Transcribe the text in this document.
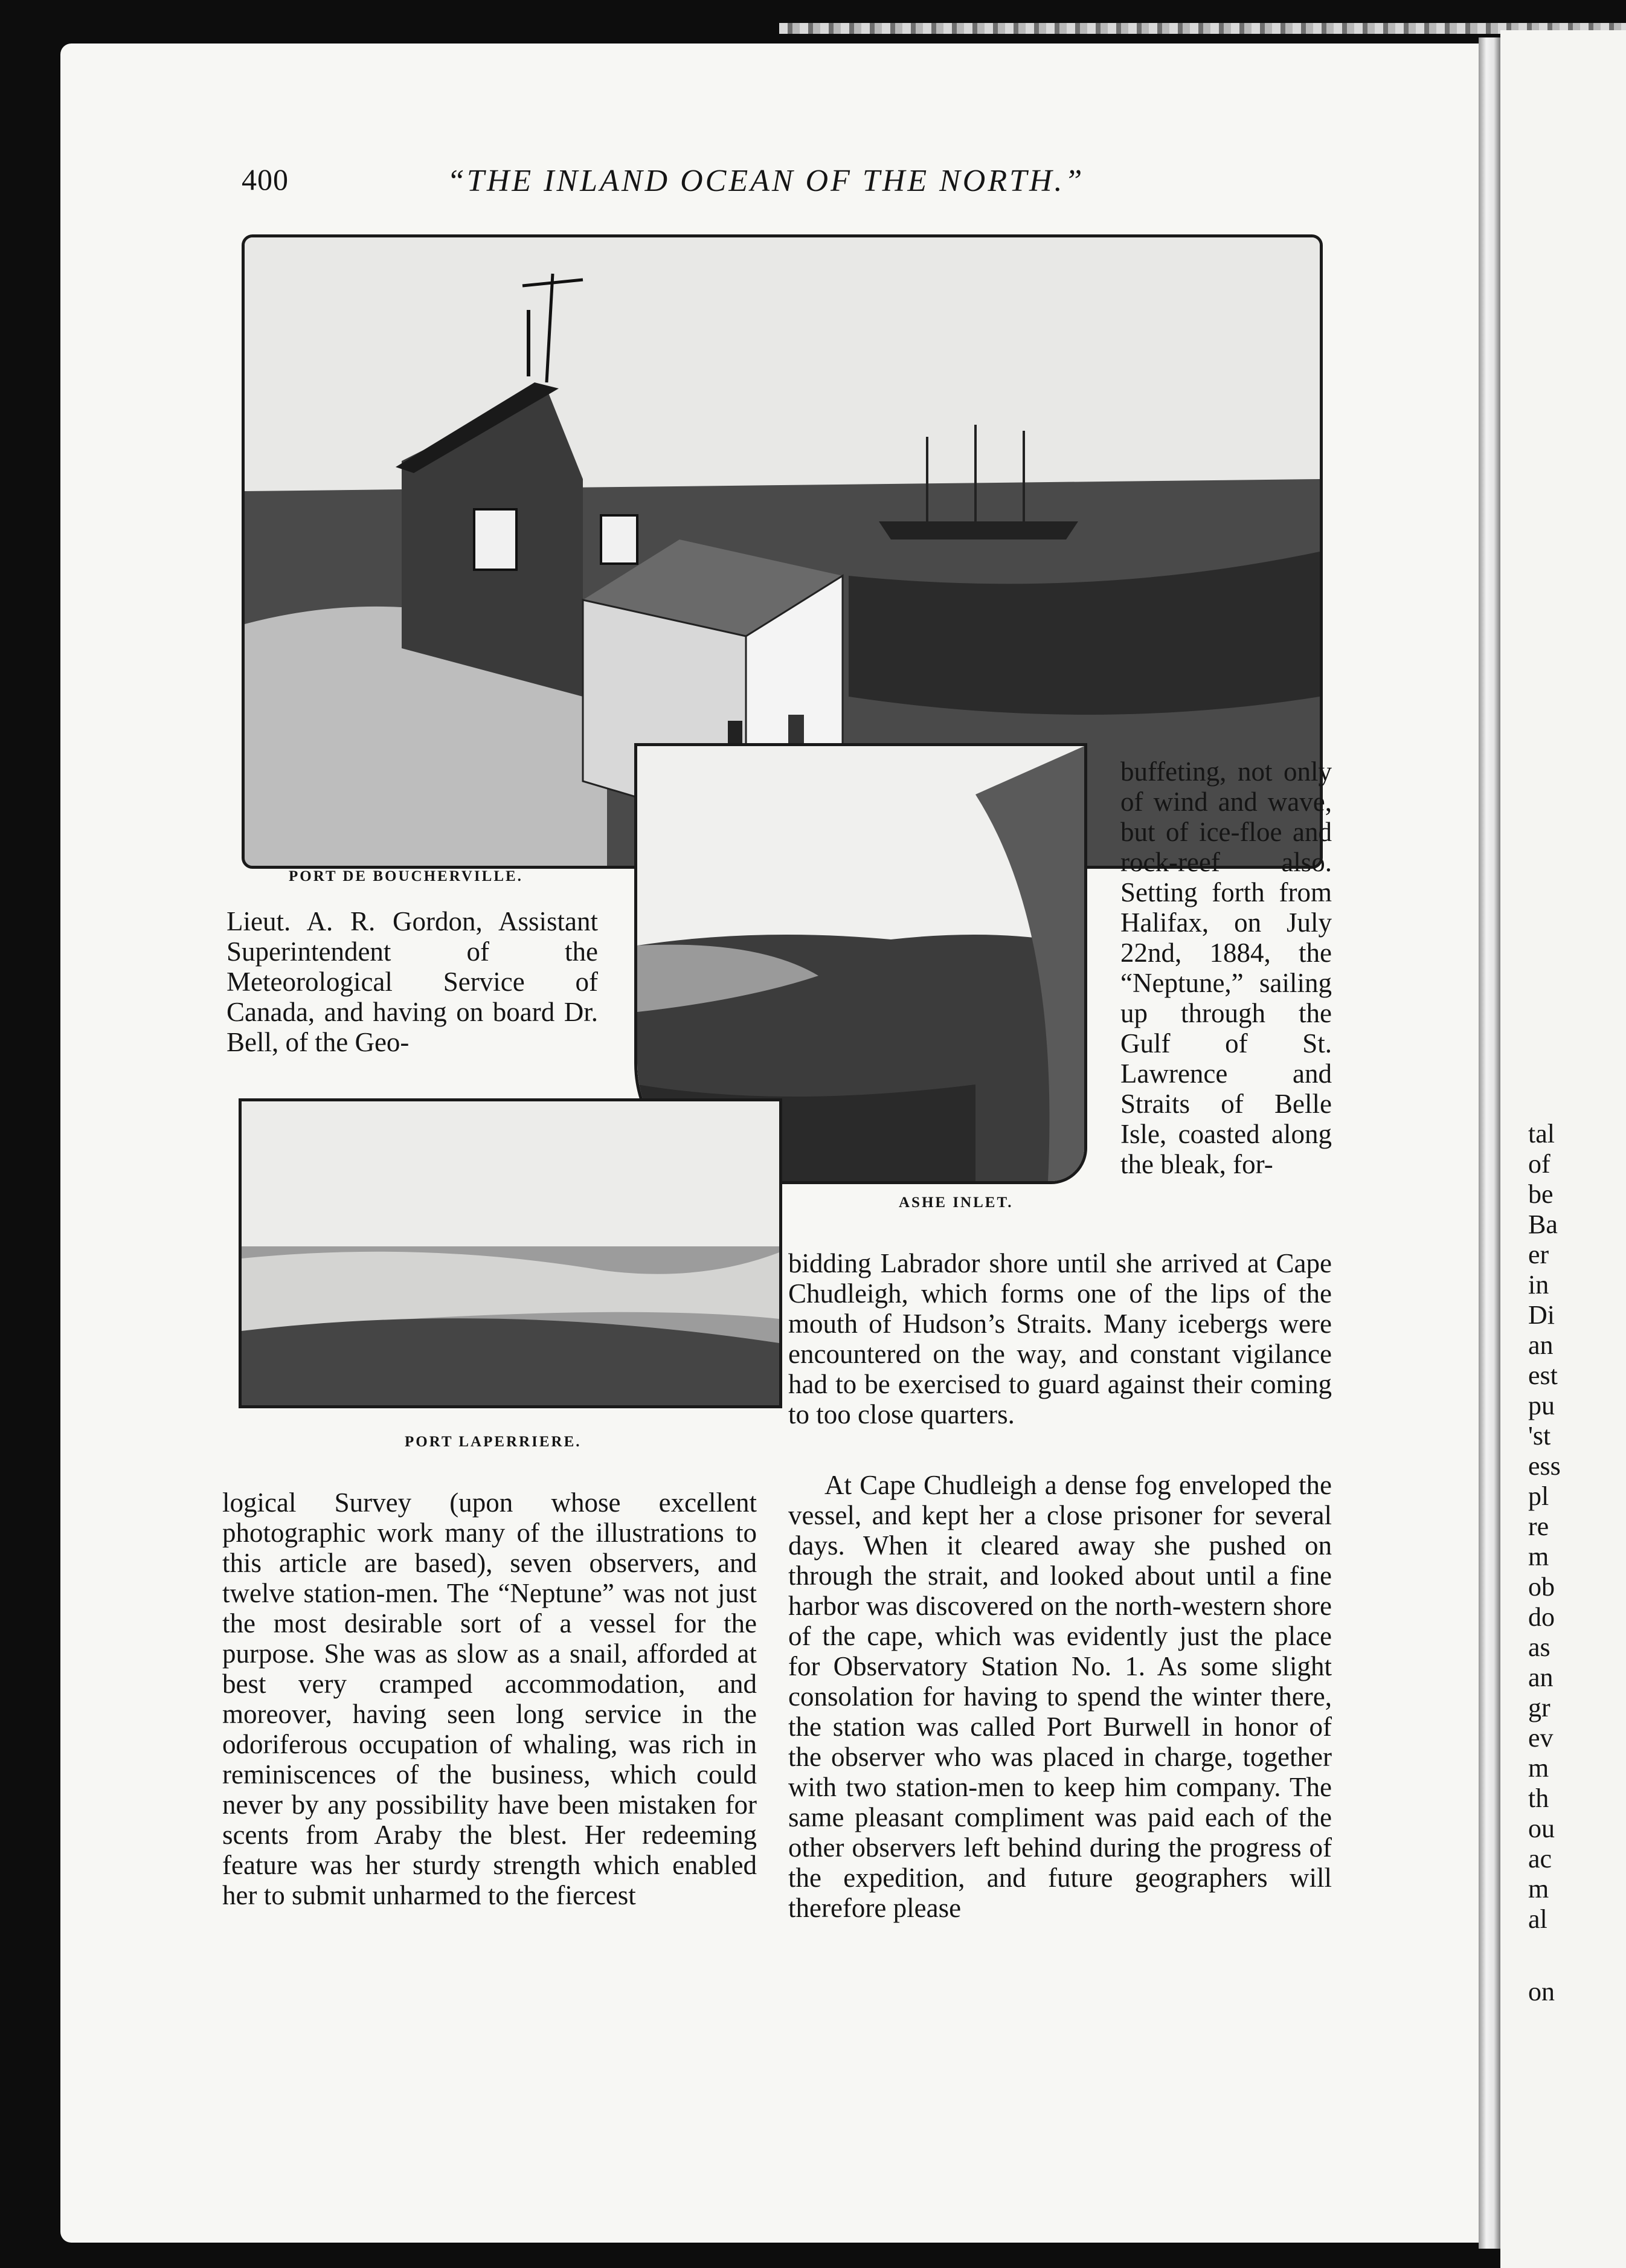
400	“THE INLAND OCEAN OF THE NORTH.”
PORT DE BOUCHERVILLE.
ASHE INLET.
PORT LAPERRIERE.

Lieut. A. R. Gordon, Assistant Superintendent of the Meteorological Service of Canada, and having on board Dr. Bell, of the Geo-

buffeting, not only of wind and wave, but of ice-floe and rock-reef also. Setting forth from Halifax, on July 22nd, 1884, the “Neptune,” sailing up through the Gulf of St. Lawrence and Straits of Belle Isle, coasted along the bleak, for-

bidding Labrador shore until she arrived at Cape Chudleigh, which forms one of the lips of the mouth of Hudson’s Straits. Many icebergs were encountered on the way, and constant vigilance had to be exercised to guard against their coming to too close quarters.

logical Survey (upon whose excellent photographic work many of the illustrations to this article are based), seven observers, and twelve station-men. The “Neptune” was not just the most desirable sort of a vessel for the purpose. She was as slow as a snail, afforded at best very cramped accommodation, and moreover, having seen long service in the odoriferous occupation of whaling, was rich in reminiscences of the business, which could never by any possibility have been mistaken for scents from Araby the blest. Her redeeming feature was her sturdy strength which enabled her to submit unharmed to the fiercest

At Cape Chudleigh a dense fog enveloped the vessel, and kept her a close prisoner for several days. When it cleared away she pushed on through the strait, and looked about until a fine harbor was discovered on the north-western shore of the cape, which was evidently just the place for Observatory Station No. 1. As some slight consolation for having to spend the winter there, the station was called Port Burwell in honor of the observer who was placed in charge, together with two station-men to keep him company. The same pleasant compliment was paid each of the other observers left behind during the progress of the expedition, and future geographers will therefore please

tal
of
be
Ba
er
in
Di
an
est
pu
'st
ess
pl
re
m
ob
do
as
an
gr
ev
m
th
ou
ac
m
al
on
